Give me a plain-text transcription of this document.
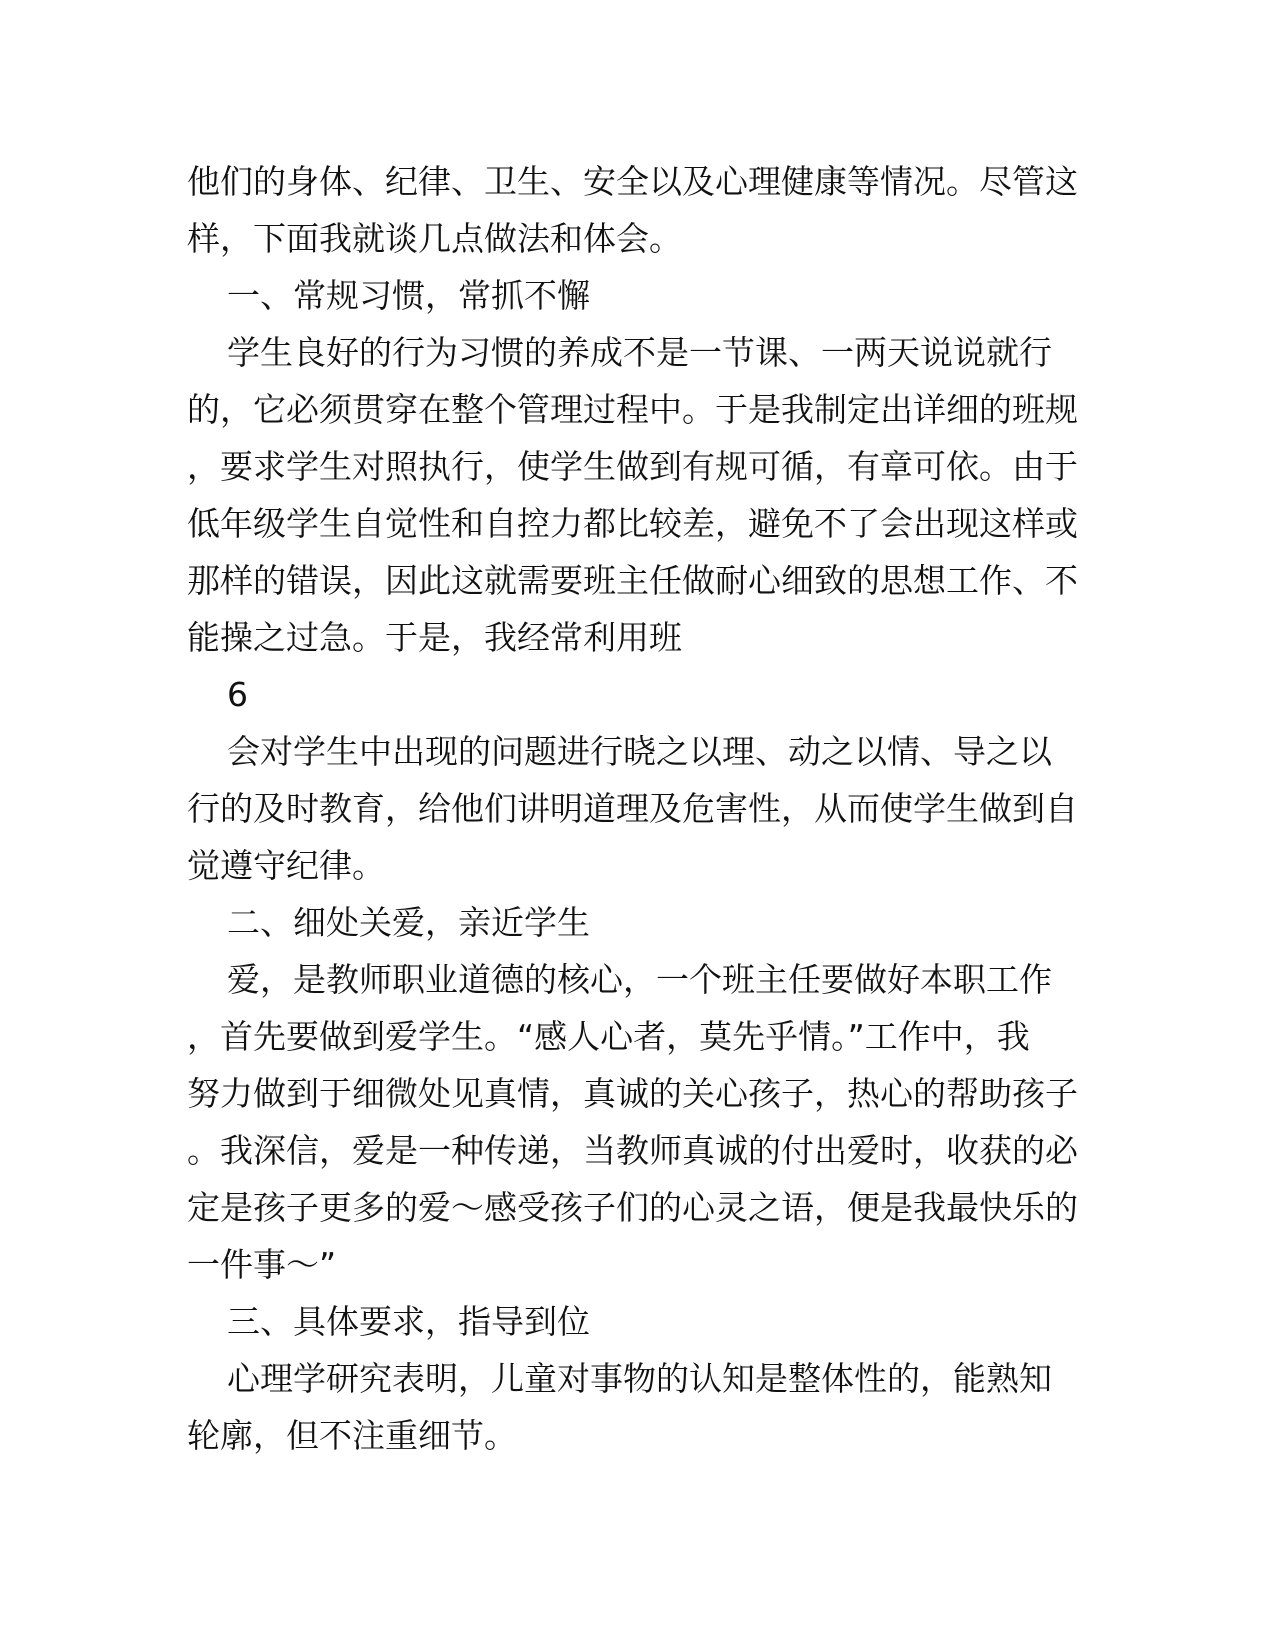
他们的身体、纪律、卫生、安全以及心理健康等情况。尽管这
样，下面我就谈几点做法和体会。
一、常规习惯，常抓不懈
学生良好的行为习惯的养成不是一节课、一两天说说就行
的，它必须贯穿在整个管理过程中。于是我制定出详细的班规
，要求学生对照执行，使学生做到有规可循，有章可依。由于
低年级学生自觉性和自控力都比较差，避免不了会出现这样或
那样的错误，因此这就需要班主任做耐心细致的思想工作、不
能操之过急。于是，我经常利用班
6
会对学生中出现的问题进行晓之以理、动之以情、导之以
行的及时教育，给他们讲明道理及危害性，从而使学生做到自
觉遵守纪律。
二、细处关爱，亲近学生
爱，是教师职业道德的核心，一个班主任要做好本职工作
，首先要做到爱学生。“感人心者，莫先乎情。”工作中，我
努力做到于细微处见真情，真诚的关心孩子，热心的帮助孩子
。我深信，爱是一种传递，当教师真诚的付出爱时，收获的必
定是孩子更多的爱～感受孩子们的心灵之语，便是我最快乐的
一件事～”
三、具体要求，指导到位
心理学研究表明，儿童对事物的认知是整体性的，能熟知
轮廓，但不注重细节。
